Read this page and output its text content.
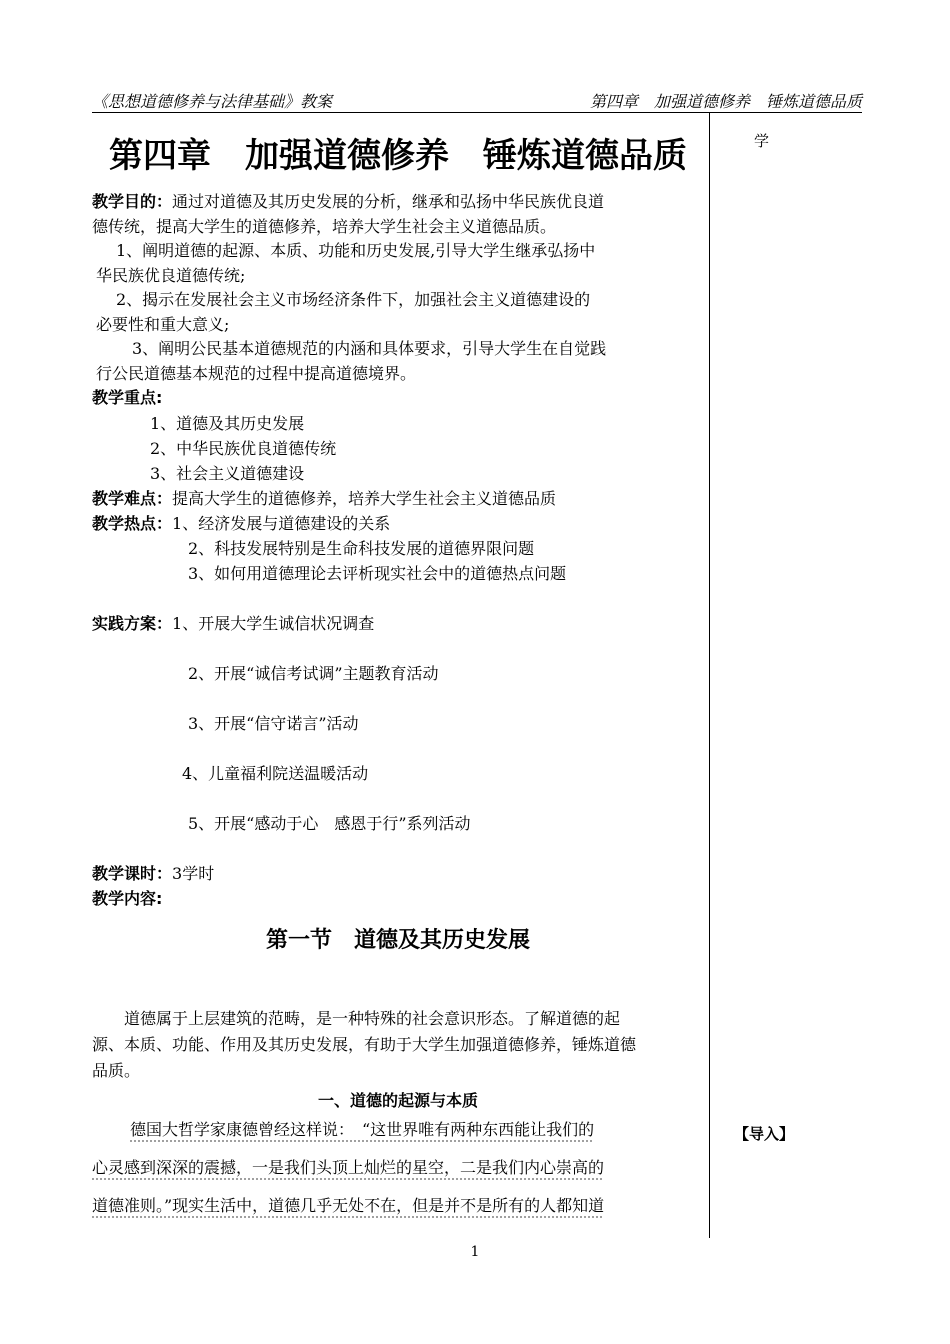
《思想道德修养与法律基础》教案	第四章　加强道德修养　锤炼道德品质
学
【导入】
第四章　加强道德修养　锤炼道德品质

教学目的：通过对道德及其历史发展的分析，继承和弘扬中华民族优良道

德传统，提高大学生的道德修养，培养大学生社会主义道德品质。

1、阐明道德的起源、本质、功能和历史发展,引导大学生继承弘扬中

华民族优良道德传统;

2、揭示在发展社会主义市场经济条件下，加强社会主义道德建设的

必要性和重大意义;

3、阐明公民基本道德规范的内涵和具体要求，引导大学生在自觉践

行公民道德基本规范的过程中提高道德境界。

教学重点:

1、道德及其历史发展

2、中华民族优良道德传统

3、社会主义道德建设

教学难点：提高大学生的道德修养，培养大学生社会主义道德品质

教学热点：1、经济发展与道德建设的关系

2、科技发展特别是生命科技发展的道德界限问题

3、如何用道德理论去评析现实社会中的道德热点问题

实践方案：1、开展大学生诚信状况调查

2、开展“诚信考试调”主题教育活动

3、开展“信守诺言”活动

4、儿童福利院送温暖活动

5、开展“感动于心　感恩于行”系列活动

教学课时：3学时

教学内容:

第一节　道德及其历史发展

道德属于上层建筑的范畴，是一种特殊的社会意识形态。了解道德的起

源、本质、功能、作用及其历史发展，有助于大学生加强道德修养，锤炼道德

品质。

一、道德的起源与本质

德国大哲学家康德曾经这样说：　“这世界唯有两种东西能让我们的

心灵感到深深的震撼，一是我们头顶上灿烂的星空，二是我们内心崇高的

道德准则。”现实生活中，道德几乎无处不在，但是并不是所有的人都知道

1
